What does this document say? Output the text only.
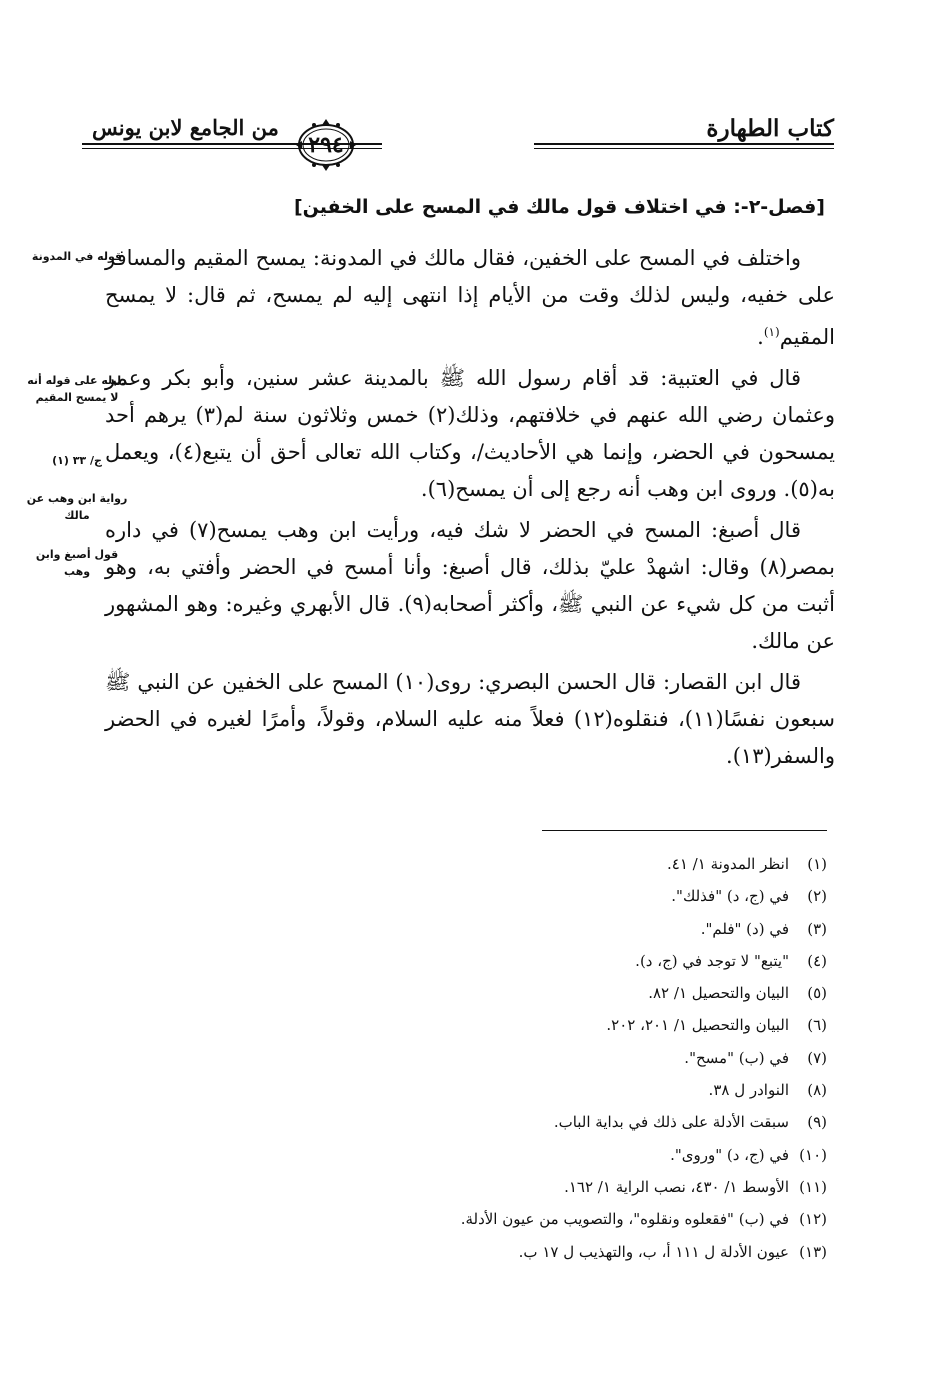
كتاب الطهارة
من الجامع لابن يونس
٢٩٤
[فصل-٢-: في اختلاف قول مالك في المسح على الخفين]

واختلف في المسح على الخفين، فقال مالك في المدونة: يمسح المقيم والمسافر على خفيه، وليس لذلك وقت من الأيام إذا انتهى إليه لم يمسح، ثم قال: لا يمسح المقيم$^{(١)}$.

قال في العتبية: قد أقام رسول الله ﷺ بالمدينة عشر سنين، وأبو بكر وعمر وعثمان رضي الله عنهم في خلافتهم، وذلك(٢) خمس وثلاثون سنة لم(٣) يرهم أحد يمسحون في الحضر، وإنما هي الأحاديث/، وكتاب الله تعالى أحق أن يتبع(٤)، ويعمل به(٥). وروى ابن وهب أنه رجع إلى أن يمسح(٦).

قال أصبغ: المسح في الحضر لا شك فيه، ورأيت ابن وهب يمسح(٧) في داره بمصر(٨) وقال: اشهدْ عليّ بذلك، قال أصبغ: وأنا أمسح في الحضر وأفتي به، وهو أثبت من كل شيء عن النبي ﷺ، وأكثر أصحابه(٩). قال الأبهري وغيره: وهو المشهور عن مالك.

قال ابن القصار: قال الحسن البصري: روى(١٠) المسح على الخفين عن النبي ﷺ سبعون نفسًا(١١)، فنقلوه(١٢) فعلاً منه عليه السلام، وقولاً، وأمرًا لغيره في الحضر والسفر(١٣).

قوله في المدونة
دليله على قوله أنه لا يمسح المقيم
ج/ ٣٣ (١)
رواية ابن وهب عن مالك
قول أصبغ وابن وهب
(١)انظر المدونة ١/ ٤١.
(٢)في (ج، د) "فذلك".
(٣)في (د) "فلم".
(٤)"يتبع" لا توجد في (ج، د).
(٥)البيان والتحصيل ١/ ٨٢.
(٦)البيان والتحصيل ١/ ٢٠١، ٢٠٢.
(٧)في (ب) "مسح".
(٨)النوادر ل ٣٨.
(٩)سبقت الأدلة على ذلك في بداية الباب.
(١٠)في (ج، د) "وروى".
(١١)الأوسط ١/ ٤٣٠، نصب الراية ١/ ١٦٢.
(١٢)في (ب) "فقعلوه ونقلوه"، والتصويب من عيون الأدلة.
(١٣)عيون الأدلة ل ١١١ أ، ب، والتهذيب ل ١٧ ب.
